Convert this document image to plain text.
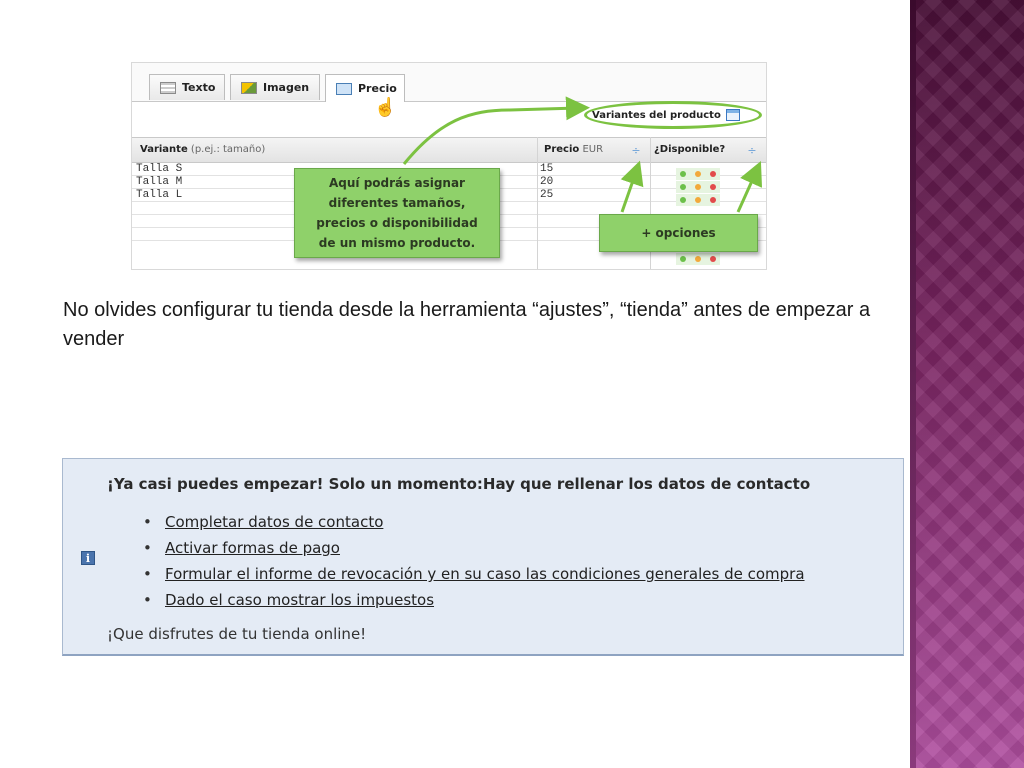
Texto	Imagen	Precio
Variantes del producto
Variante (p.ej.: tamaño)	Precio EUR	÷ ¿Disponible? ÷
Talla S	15
Talla M	20
Talla L	25
Aquí podrás asignar
diferentes tamaños,
precios o disponibilidad
de un mismo producto.
+ opciones
☝
No olvides configurar tu tienda desde la herramienta “ajustes”, “tienda” antes de empezar a vender
i
¡Ya casi puedes empezar! Solo un momento:Hay que rellenar los datos de contacto
• Completar datos de contacto
• Activar formas de pago
• Formular el informe de revocación y en su caso las condiciones generales de compra
• Dado el caso mostrar los impuestos
¡Que disfrutes de tu tienda online!
